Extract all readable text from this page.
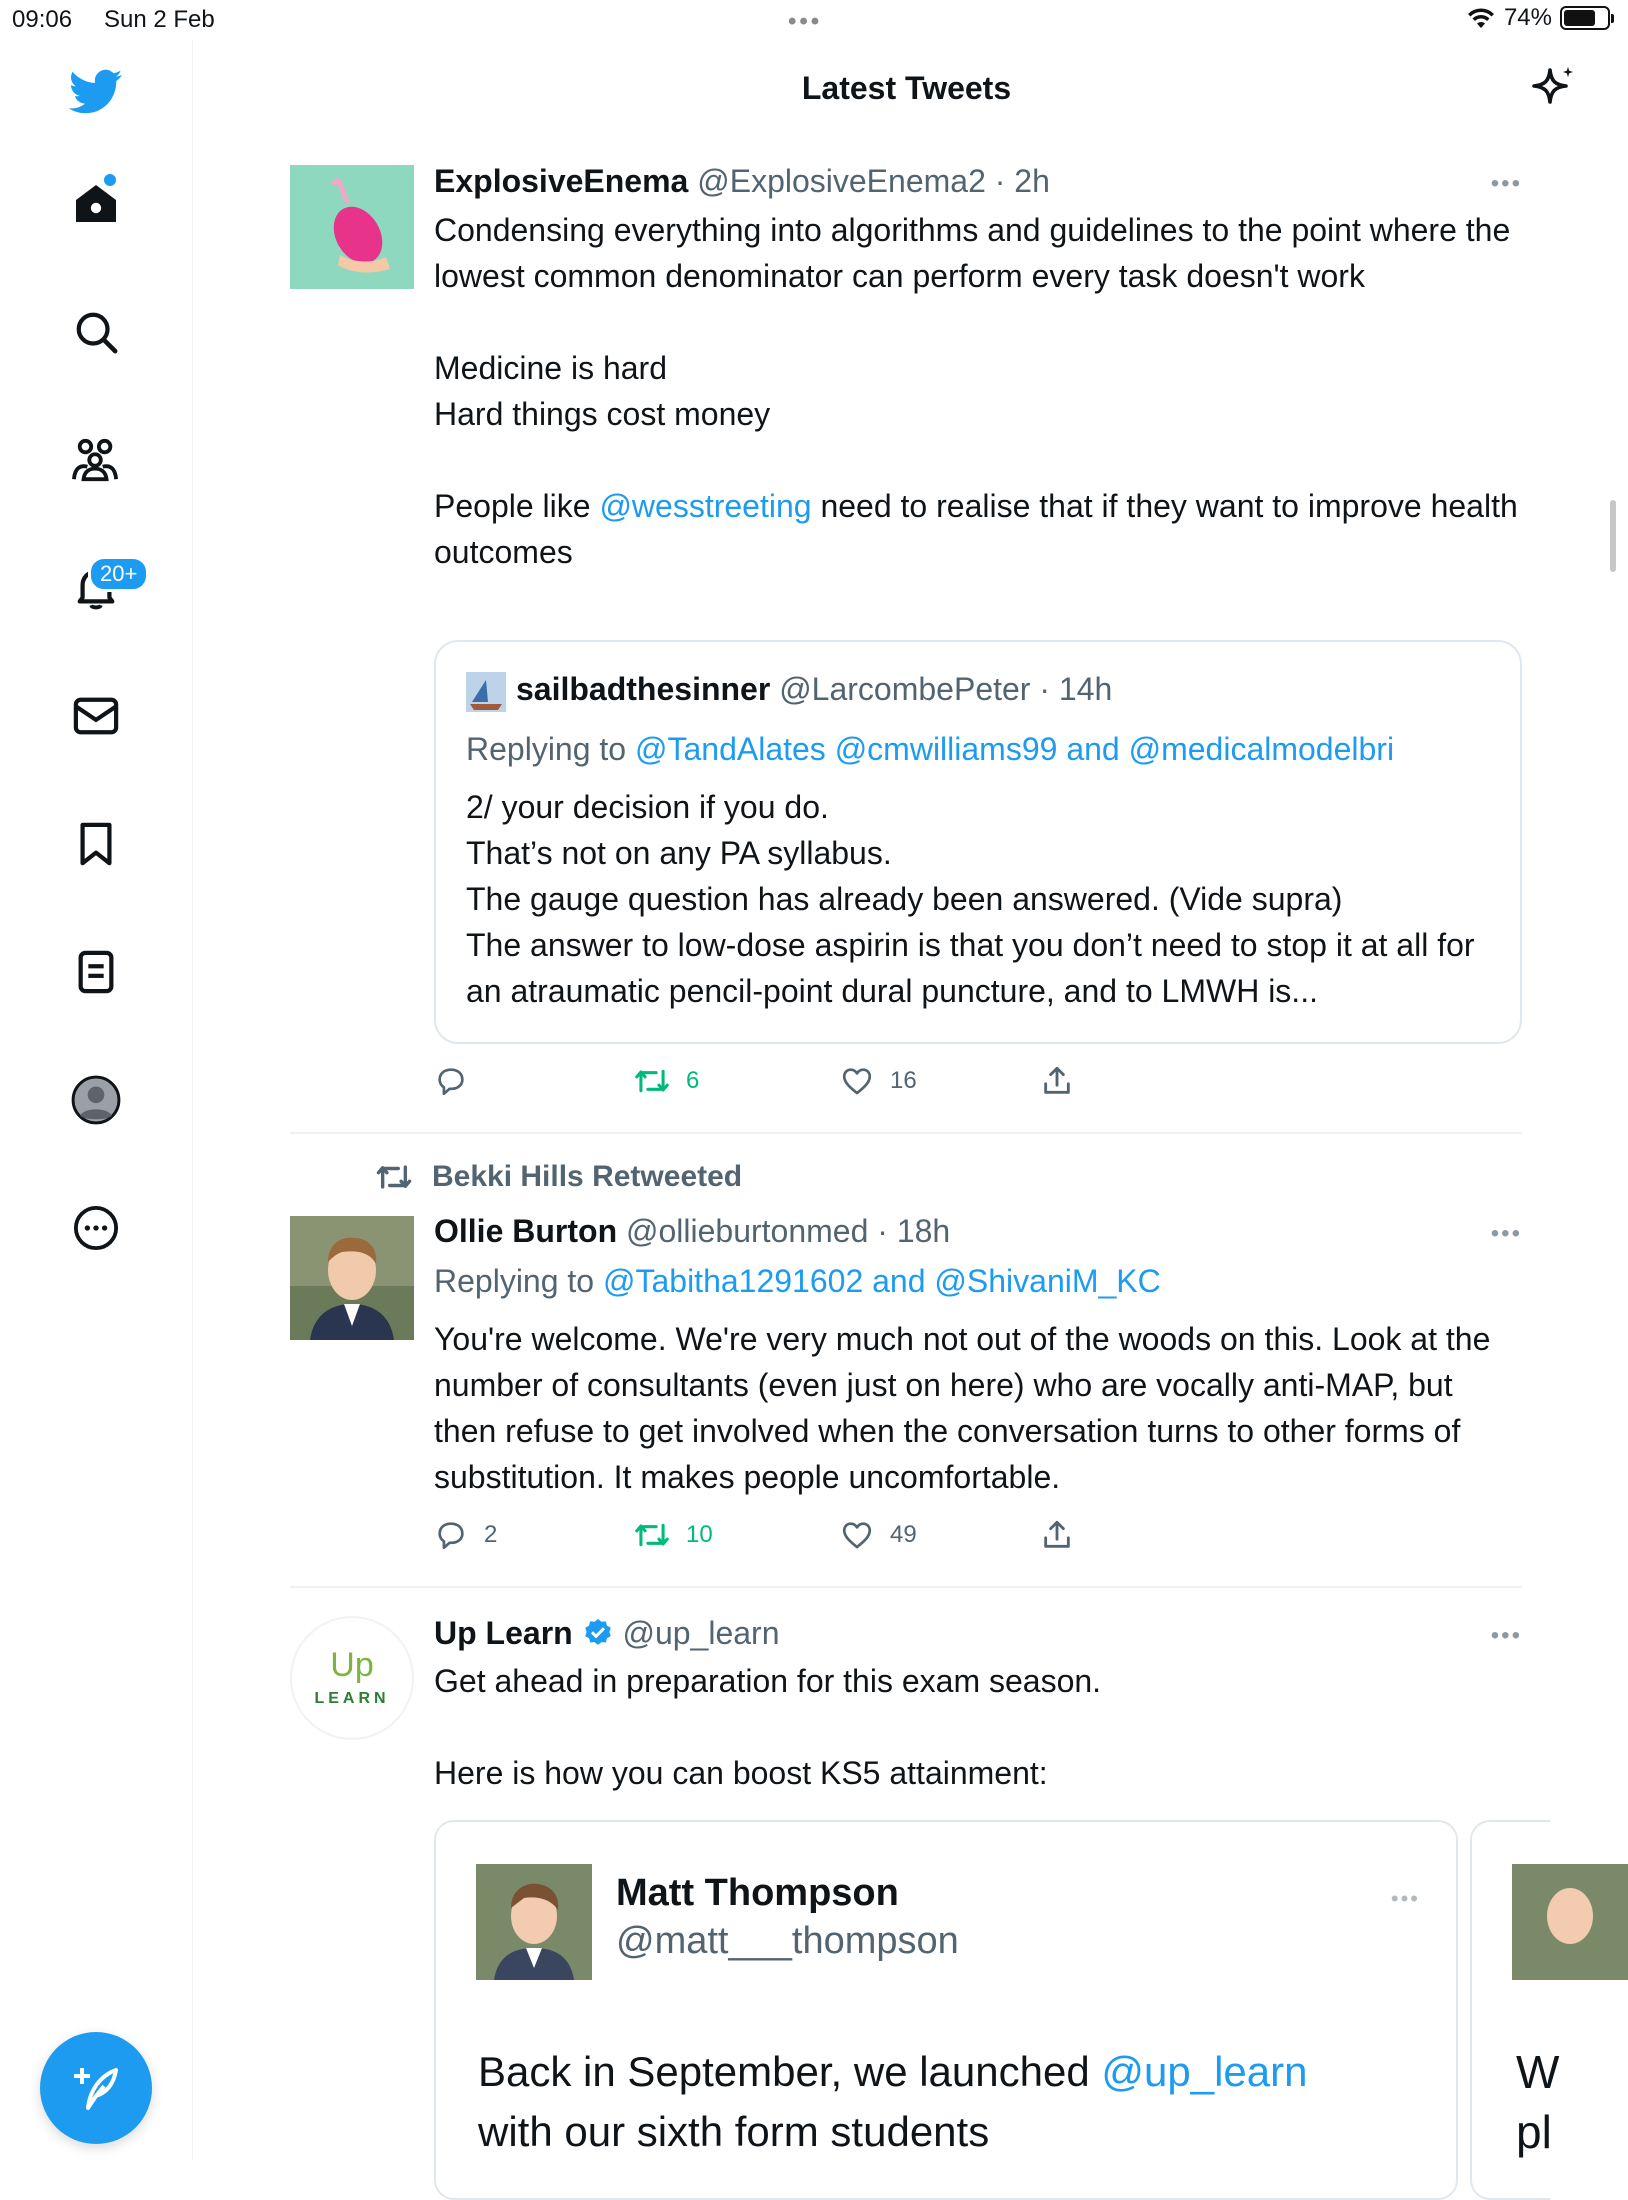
09:06 Sun 2 Feb	•••	74%
20+
Latest Tweets
ExplosiveEnema @ExplosiveEnema2 · 2h	•••

Condensing everything into algorithms and guidelines to the point where the lowest common denominator can perform every task doesn't work

Medicine is hard

Hard things cost money

People like @wesstreeting need to realise that if they want to improve health outcomes

sailbadthesinner @LarcombePeter · 14h
Replying to @TandAlates @cmwilliams99 and @medicalmodelbri

2/ your decision if you do.

That’s not on any PA syllabus.

The gauge question has already been answered. (Vide supra)

The answer to low-dose aspirin is that you don’t need to stop it at all for an atraumatic pencil-point dural puncture, and to LMWH is...

6	16
Bekki Hills Retweeted
Ollie Burton @ollieburtonmed · 18h	•••
Replying to @Tabitha1291602 and @ShivaniM_KC

You're welcome. We're very much not out of the woods on this. Look at the number of consultants (even just on here) who are vocally anti-MAP, but then refuse to get involved when the conversation turns to other forms of substitution. It makes people uncomfortable.

2	10	49
Up
LEARN
Up Learn @up_learn	•••

Get ahead in preparation for this exam season.

Here is how you can boost KS5 attainment:

Matt Thompson
@matt___thompson
•••
Back in September, we launched @up_learn
with our sixth form students
W
pl
